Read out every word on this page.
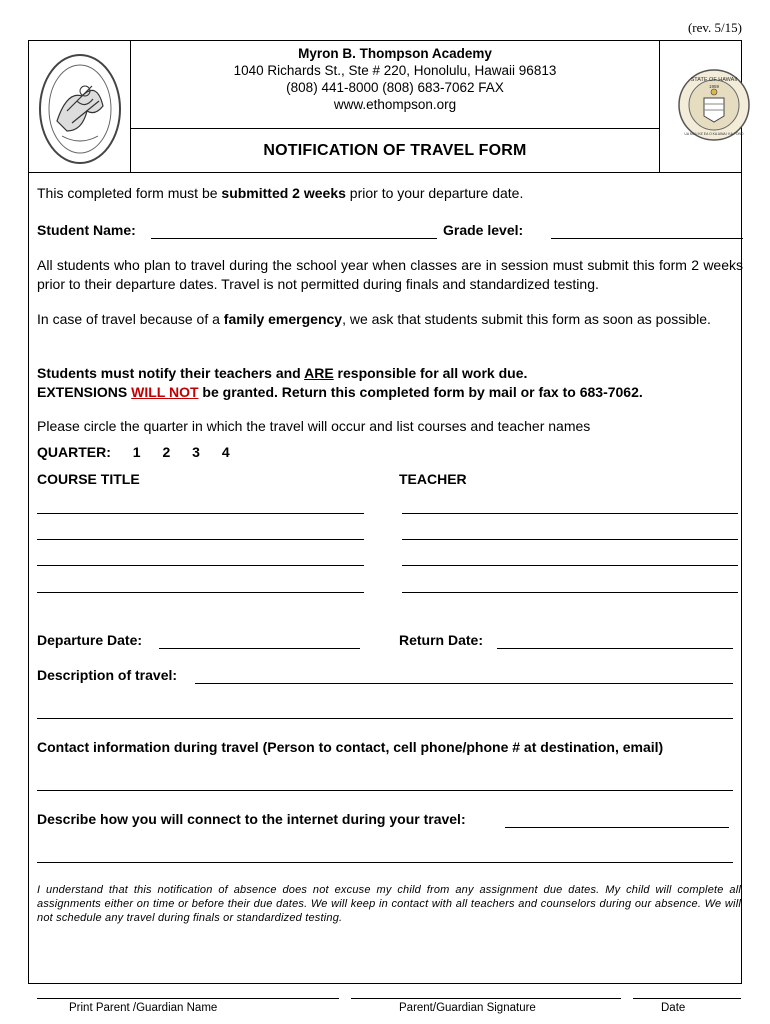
(rev. 5/15)
Myron B. Thompson Academy
1040 Richards St., Ste # 220, Honolulu, Hawaii 96813
(808) 441-8000 (808) 683-7062 FAX
www.ethompson.org
NOTIFICATION OF TRAVEL FORM
STATE OF HAWAII
1959
UA MAU KE EA O KA AINA I KA PONO
This completed form must be submitted 2 weeks prior to your departure date.
Student Name:	Grade level:
All students who plan to travel during the school year when classes are in session must submit this form 2 weeks prior to their departure dates. Travel is not permitted during finals and standardized testing.
In case of travel because of a family emergency, we ask that students submit this form as soon as possible.
Students must notify their teachers and ARE responsible for all work due.
EXTENSIONS WILL NOT be granted. Return this completed form by mail or fax to 683-7062.
Please circle the quarter in which the travel will occur and list courses and teacher names
QUARTER: 1 2 3 4
COURSE TITLE	TEACHER
Departure Date:	Return Date:
Description of travel:
Contact information during travel (Person to contact, cell phone/phone # at destination, email)
Describe how you will connect to the internet during your travel:
I understand that this notification of absence does not excuse my child from any assignment due dates. My child will complete all assignments either on time or before their due dates. We will keep in contact with all teachers and counselors during our absence. We will not schedule any travel during finals or standardized testing.
Print Parent /Guardian Name	Parent/Guardian Signature	Date
